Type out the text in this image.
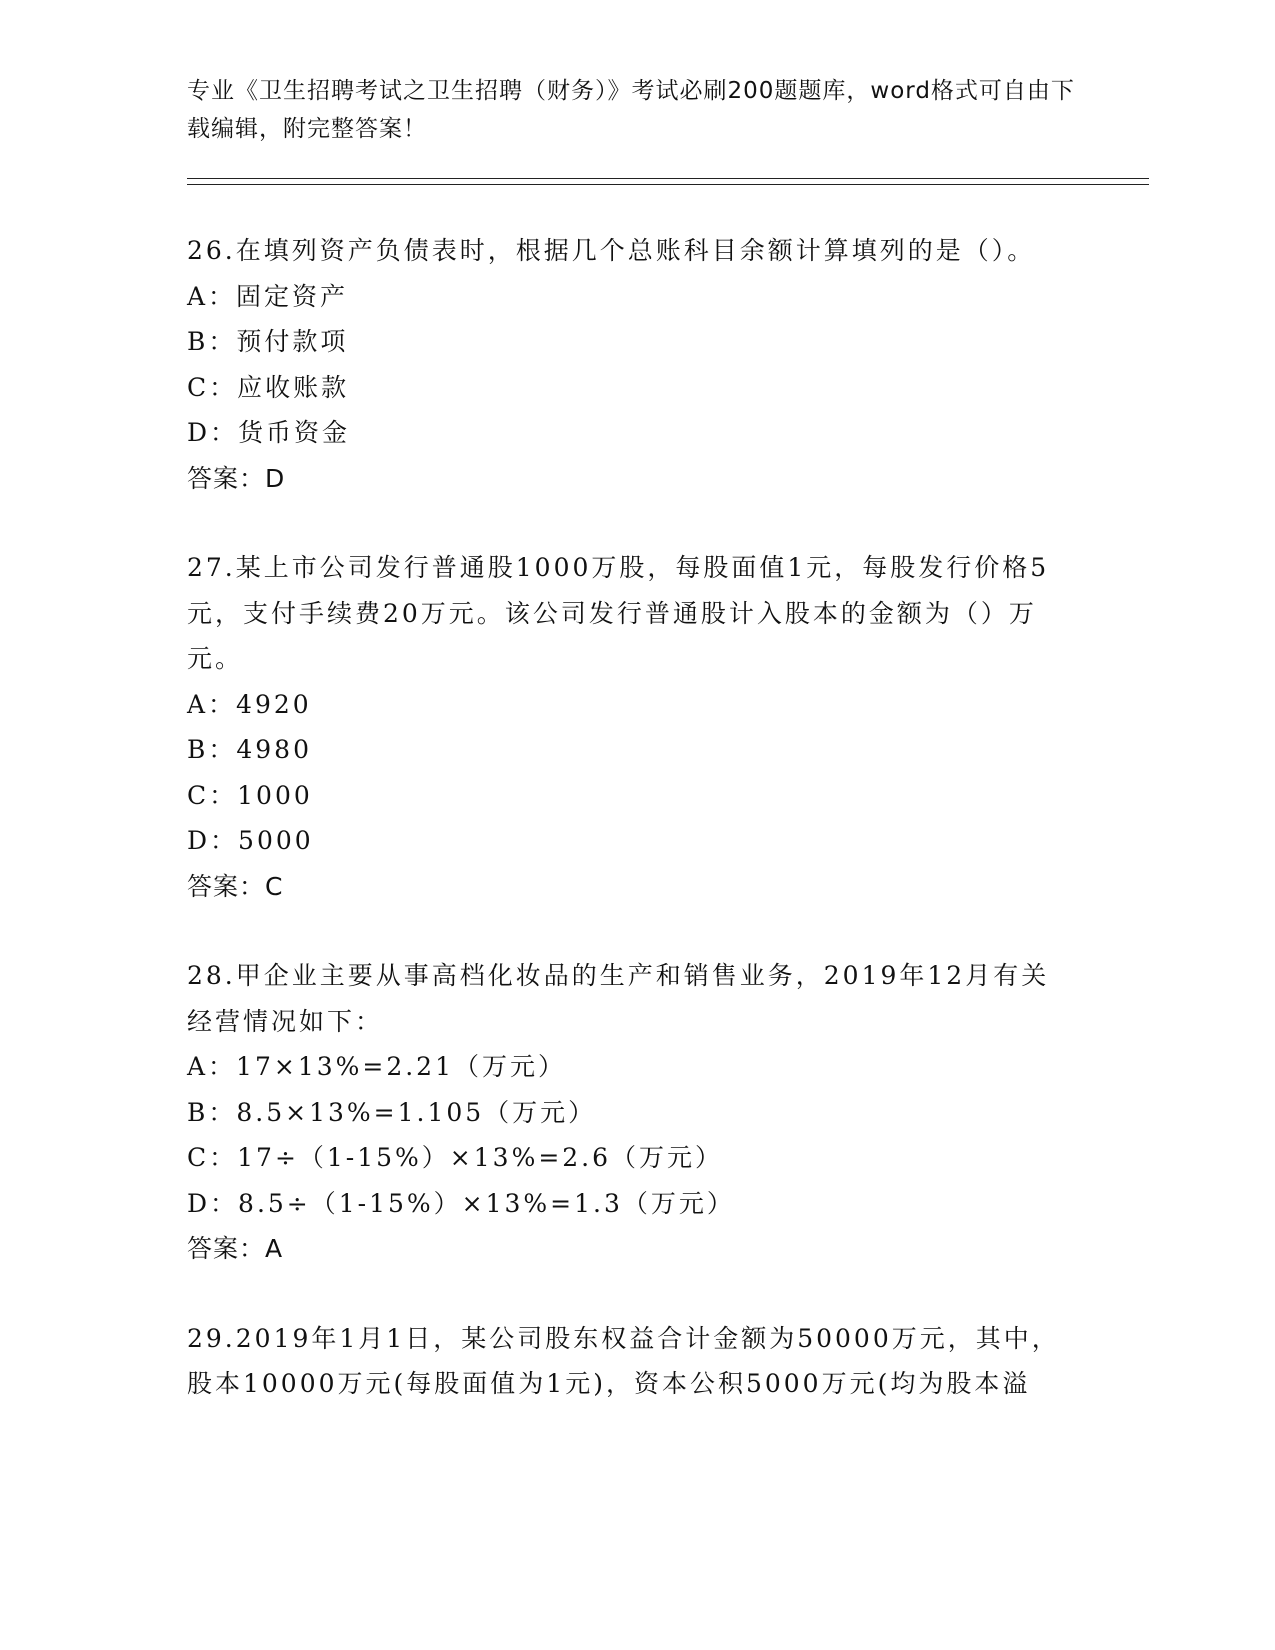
专业《卫生招聘考试之卫生招聘（财务）》考试必刷200题题库，word格式可自由下载编辑，附完整答案！
26.在填列资产负债表时，根据几个总账科目余额计算填列的是（）。
A：固定资产
B：预付款项
C：应收账款
D：货币资金
答案：D
27.某上市公司发行普通股1000万股，每股面值1元，每股发行价格5元，支付手续费20万元。该公司发行普通股计入股本的金额为（）万元。
A：4920
B：4980
C：1000
D：5000
答案：C
28.甲企业主要从事高档化妆品的生产和销售业务，2019年12月有关经营情况如下：
A：17×13%=2.21（万元）
B：8.5×13%=1.105（万元）
C：17÷（1-15%）×13%=2.6（万元）
D：8.5÷（1-15%）×13%=1.3（万元）
答案：A
29.2019年1月1日，某公司股东权益合计金额为50000万元，其中，股本10000万元(每股面值为1元)，资本公积5000万元(均为股本溢
